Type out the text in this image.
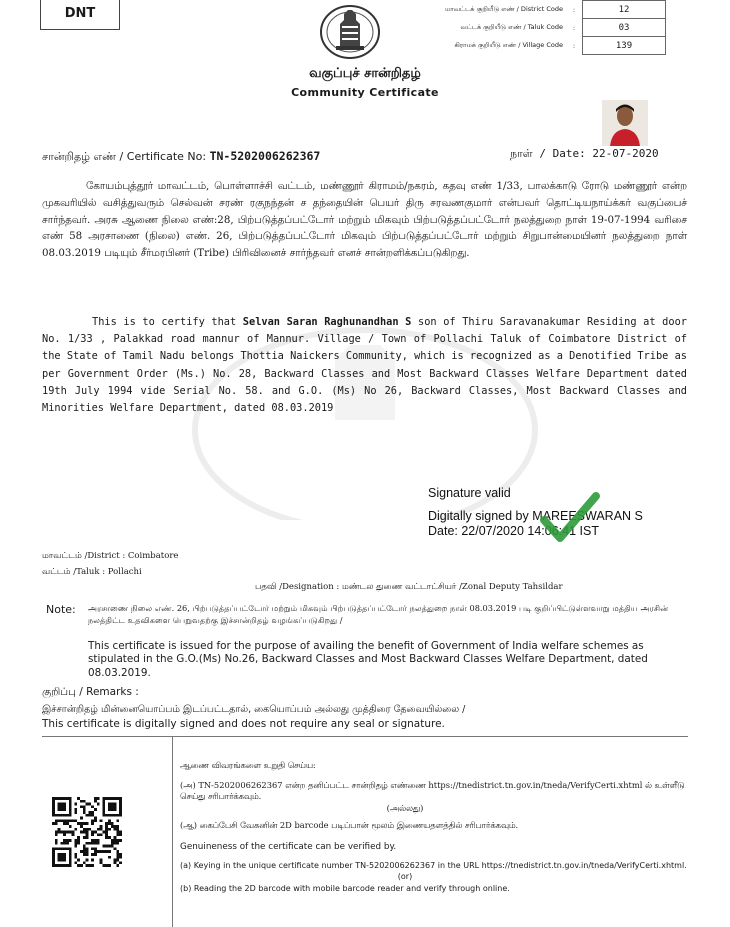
DNT	மாவட்டக் குறியீடு எண் / District Code	:	12
வட்டக் குறியீடு எண் / Taluk Code	:	03
கிராமக் குறியீடு எண் / Village Code	:	139
வகுப்புச் சான்றிதழ்
Community Certificate
சான்றிதழ் எண் / Certificate No: TN-5202006262367	நாள் / Date: 22-07-2020
கோயம்புத்தூர் மாவட்டம், பொள்ளாச்சி வட்டம், மண்ணூர் கிராமம்/நகரம், கதவு எண் 1/33, பாலக்காடு ரோடு மண்ணூர் என்ற முகவரியில் வசித்துவரும் செல்வன் சரண் ரகுநந்தன் ச தந்தையின் பெயர் திரு சரவணகுமார் என்பவர் தொட்டியநாய்க்கர் வகுப்பைச் சார்ந்தவர். அரசு ஆணை நிலை எண்:28, பிற்படுத்தப்பட்டோர் மற்றும் மிகவும் பிற்படுத்தப்பட்டோர் நலத்துறை நாள் 19-07-1994 வரிசை எண் 58 அரசாணை (நிலை) எண். 26, பிற்படுத்தப்பட்டோர் மிகவும் பிற்படுத்தப்பட்டோர் மற்றும் சிறுபான்மையினர் நலத்துறை நாள் 08.03.2019 படியும் சீர்மரபினர் (Tribe) பிரிவினைச் சார்ந்தவர் எனச் சான்றளிக்கப்படுகிறது.
This is to certify that Selvan Saran Raghunandhan S son of Thiru Saravanakumar Residing at door No. 1/33 , Palakkad road mannur of Mannur. Village / Town of Pollachi Taluk of Coimbatore District of the State of Tamil Nadu belongs Thottia Naickers Community, which is recognized as a Denotified Tribe as per Government Order (Ms.) No. 28, Backward Classes and Most Backward Classes Welfare Department dated 19th July 1994 vide Serial No. 58. and G.O. (Ms) No 26, Backward Classes, Most Backward Classes and Minorities Welfare Department, dated 08.03.2019
Signature valid
Digitally signed by MAREESWARAN S
Date: 22/07/2020 14:06:41 IST
மாவட்டம் /District : Coimbatore
வட்டம் /Taluk : Pollachi
பதவி /Designation : மண்டல துணை வட்டாட்சியர் /Zonal Deputy Tahsildar
Note: அரசாணை நிலை எண். 26, பிற்படுத்தப்பட்டோர் மற்றும் மிகவும் பிற்படுத்தப்பட்டோர் நலத்துறை நாள் 08.03.2019 படி குறிப்பிட்டுள்ளவாறு மத்திய அரசின் நலத்திட்ட உதவிகளை பெறுவதற்கு இச்சான்றிதழ் வழங்கப்படுகிறது /
This certificate is issued for the purpose of availing the benefit of Government of India welfare schemes as stipulated in the G.O.(Ms) No.26, Backward Classes and Most Backward Classes Welfare Department, dated 08.03.2019.
குறிப்பு / Remarks :
இச்சான்றிதழ் மின்னையொப்பம் இடப்பட்டதால், கையொப்பம் அல்லது முத்திரை தேவையில்லை /
This certificate is digitally signed and does not require any seal or signature.

ஆணை விவரங்களை உறுதி செய்ய:

(அ) TN-5202006262367 என்ற தனிப்பட்ட சான்றிதழ் எண்ணை https://tnedistrict.tn.gov.in/tneda/VerifyCerti.xhtml ல் உள்ளீடு செய்து சரிபார்க்கவும்.

(அல்லது)

(ஆ) கைப்பேசி வேகனின் 2D barcode படிப்பான் மூலம் இணையதளத்தில் சரிபார்க்கவும்.

Genuineness of the certificate can be verified by.

(a) Keying in the unique certificate number TN-5202006262367 in the URL https://tnedistrict.tn.gov.in/tneda/VerifyCerti.xhtml.

(or)

(b) Reading the 2D barcode with mobile barcode reader and verify through online.
